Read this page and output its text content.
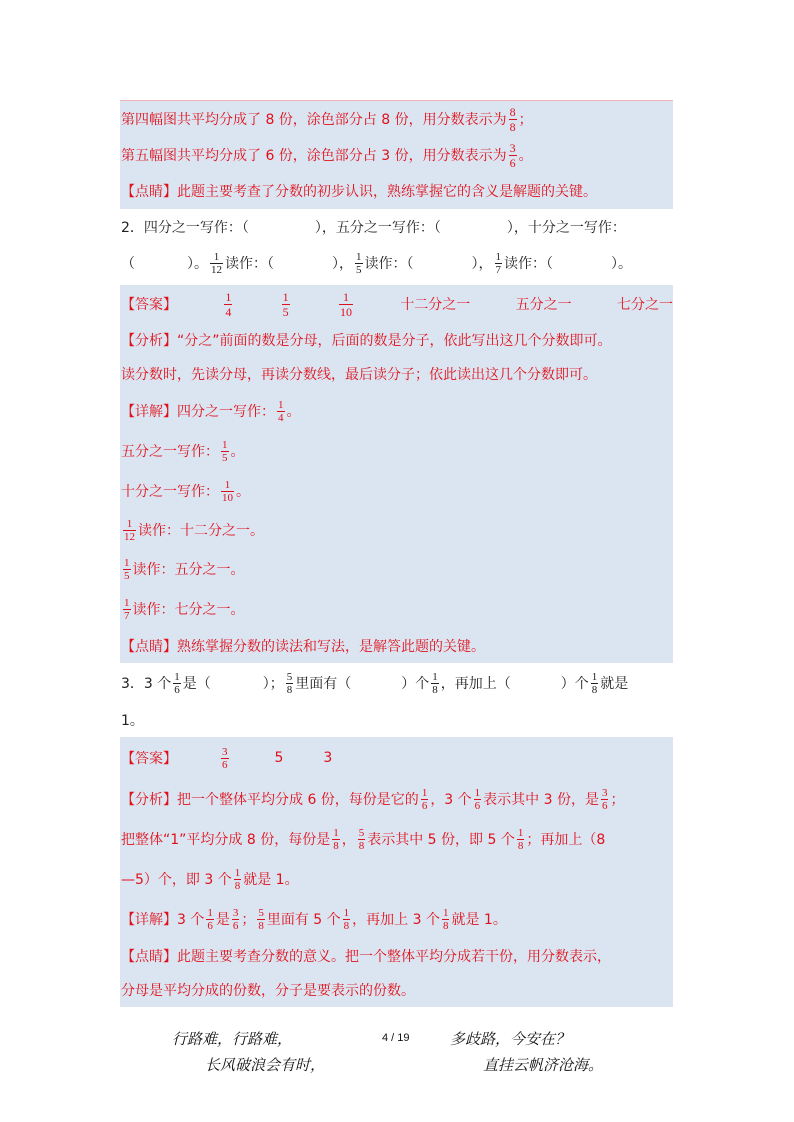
第四幅图共平均分成了 8 份，涂色部分占 8 份，用分数表示为 $\frac{8}{8}$ ；
第五幅图共平均分成了 6 份，涂色部分占 3 份，用分数表示为 $\frac{3}{6}$ 。
【点睛】 此题主要考查了分数的初步认识，熟练掌握它的含义是解题的关键。
2．四分之一写作：（	），五分之一写作：（	），十分之一写作：
（	）。 $\frac{1}{12}$ 读作：（	）， $\frac{1}{5}$ 读作：（	）， $\frac{1}{7}$ 读作：（	）。
【答案】	$\frac{1}{4}$	$\frac{1}{5}$	$\frac{1}{10}$	十二分之一	五分之一	七分之一
【分析】 “分之”前面的数是分母，后面的数是分子，依此写出这几个分数即可。
读分数时，先读分母，再读分数线，最后读分子；依此读出这几个分数即可。
【详解】 四分之一写作： $\frac{1}{4}$ 。
五分之一写作： $\frac{1}{5}$ 。
十分之一写作： $\frac{1}{10}$ 。
$\frac{1}{12}$ 读作：十二分之一。
$\frac{1}{5}$ 读作：五分之一。
$\frac{1}{7}$ 读作：七分之一。
【点睛】 熟练掌握分数的读法和写法，是解答此题的关键。
3．3 个 $\frac{1}{6}$ 是（	）； $\frac{5}{8}$ 里面有（	）个 $\frac{1}{8}$ ，再加上（	）个 $\frac{1}{8}$ 就是
1。
【答案】	$\frac{3}{6}$	5	3
【分析】 把一个整体平均分成 6 份，每份是它的 $\frac{1}{6}$ ，3 个 $\frac{1}{6}$ 表示其中 3 份，是 $\frac{3}{6}$ ；
把整体“1”平均分成 8 份，每份是 $\frac{1}{8}$ ， $\frac{5}{8}$ 表示其中 5 份，即 5 个 $\frac{1}{8}$ ；再加上（8
—5）个，即 3 个 $\frac{1}{8}$ 就是 1。
【详解】 3 个 $\frac{1}{6}$ 是 $\frac{3}{6}$ ； $\frac{5}{8}$ 里面有 5 个 $\frac{1}{8}$ ，再加上 3 个 $\frac{1}{8}$ 就是 1。
【点睛】 此题主要考查分数的意义。把一个整体平均分成若干份，用分数表示，
分母是平均分成的份数，分子是要表示的份数。
行路难，行路难，	4 / 19	多歧路，今安在？
长风破浪会有时，	直挂云帆济沧海。
